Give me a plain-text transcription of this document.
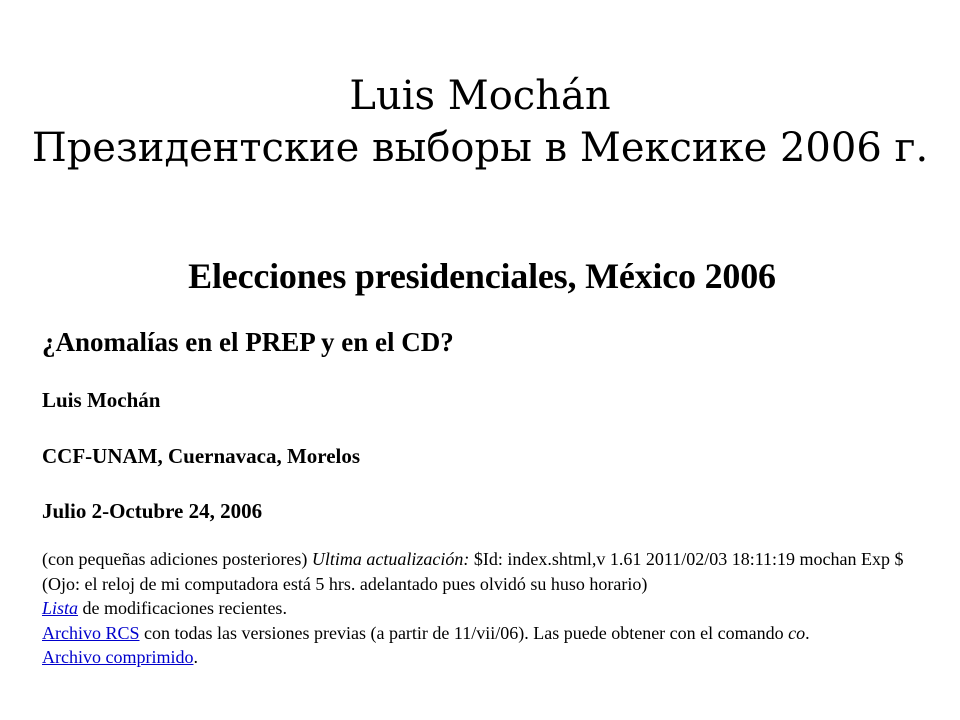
Luis Mochán
Президентские выборы в Мексике 2006 г.
Elecciones presidenciales, México 2006
¿Anomalías en el PREP y en el CD?

Luis Mochán

CCF-UNAM, Cuernavaca, Morelos

Julio 2-Octubre 24, 2006

(con pequeñas adiciones posteriores) Ultima actualización: $Id: index.shtml,v 1.61 2011/02/03 18:11:19 mochan Exp $ (Ojo: el reloj de mi computadora está 5 hrs. adelantado pues olvidó su huso horario)
Lista de modificaciones recientes.
Archivo RCS con todas las versiones previas (a partir de 11/vii/06). Las puede obtener con el comando co.
Archivo comprimido.
